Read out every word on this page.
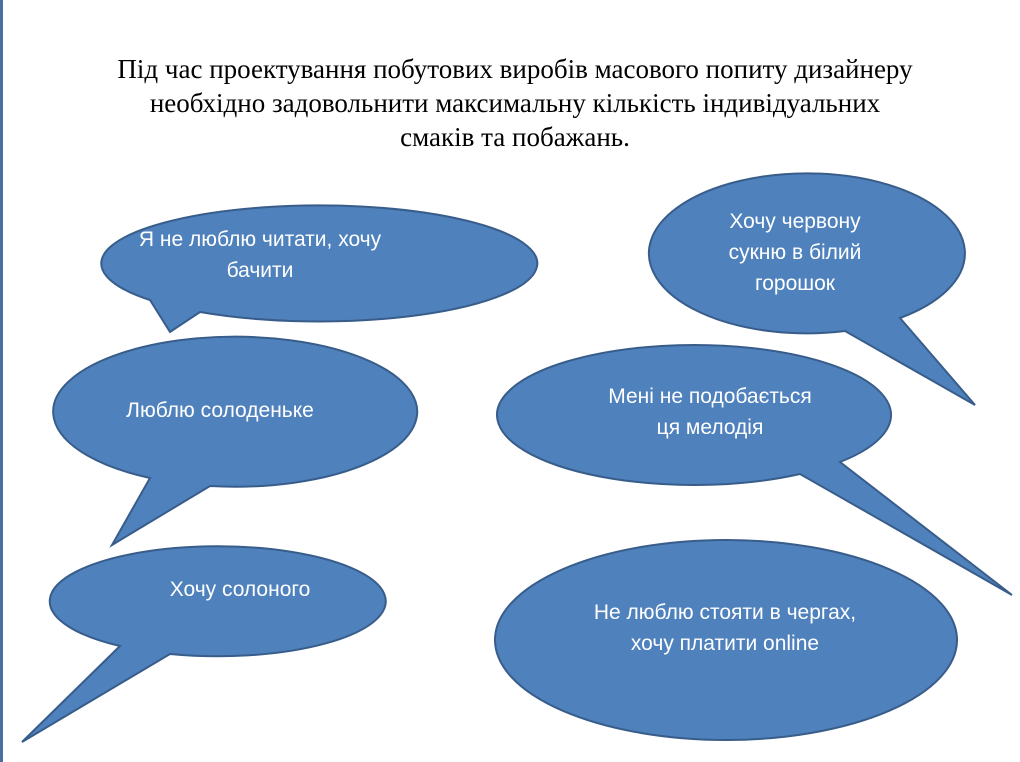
Під час проектування побутових виробів масового попиту дизайнеру
необхідно задовольнити максимальну кількість індивідуальних
смаків та побажань.
Я не люблю читати, хочу
бачити
Хочу червону
сукню в білий
горошок
Люблю солоденьке
Мені не подобається
ця мелодія
Хочу солоного
Не люблю стояти в чергах,
хочу платити online
